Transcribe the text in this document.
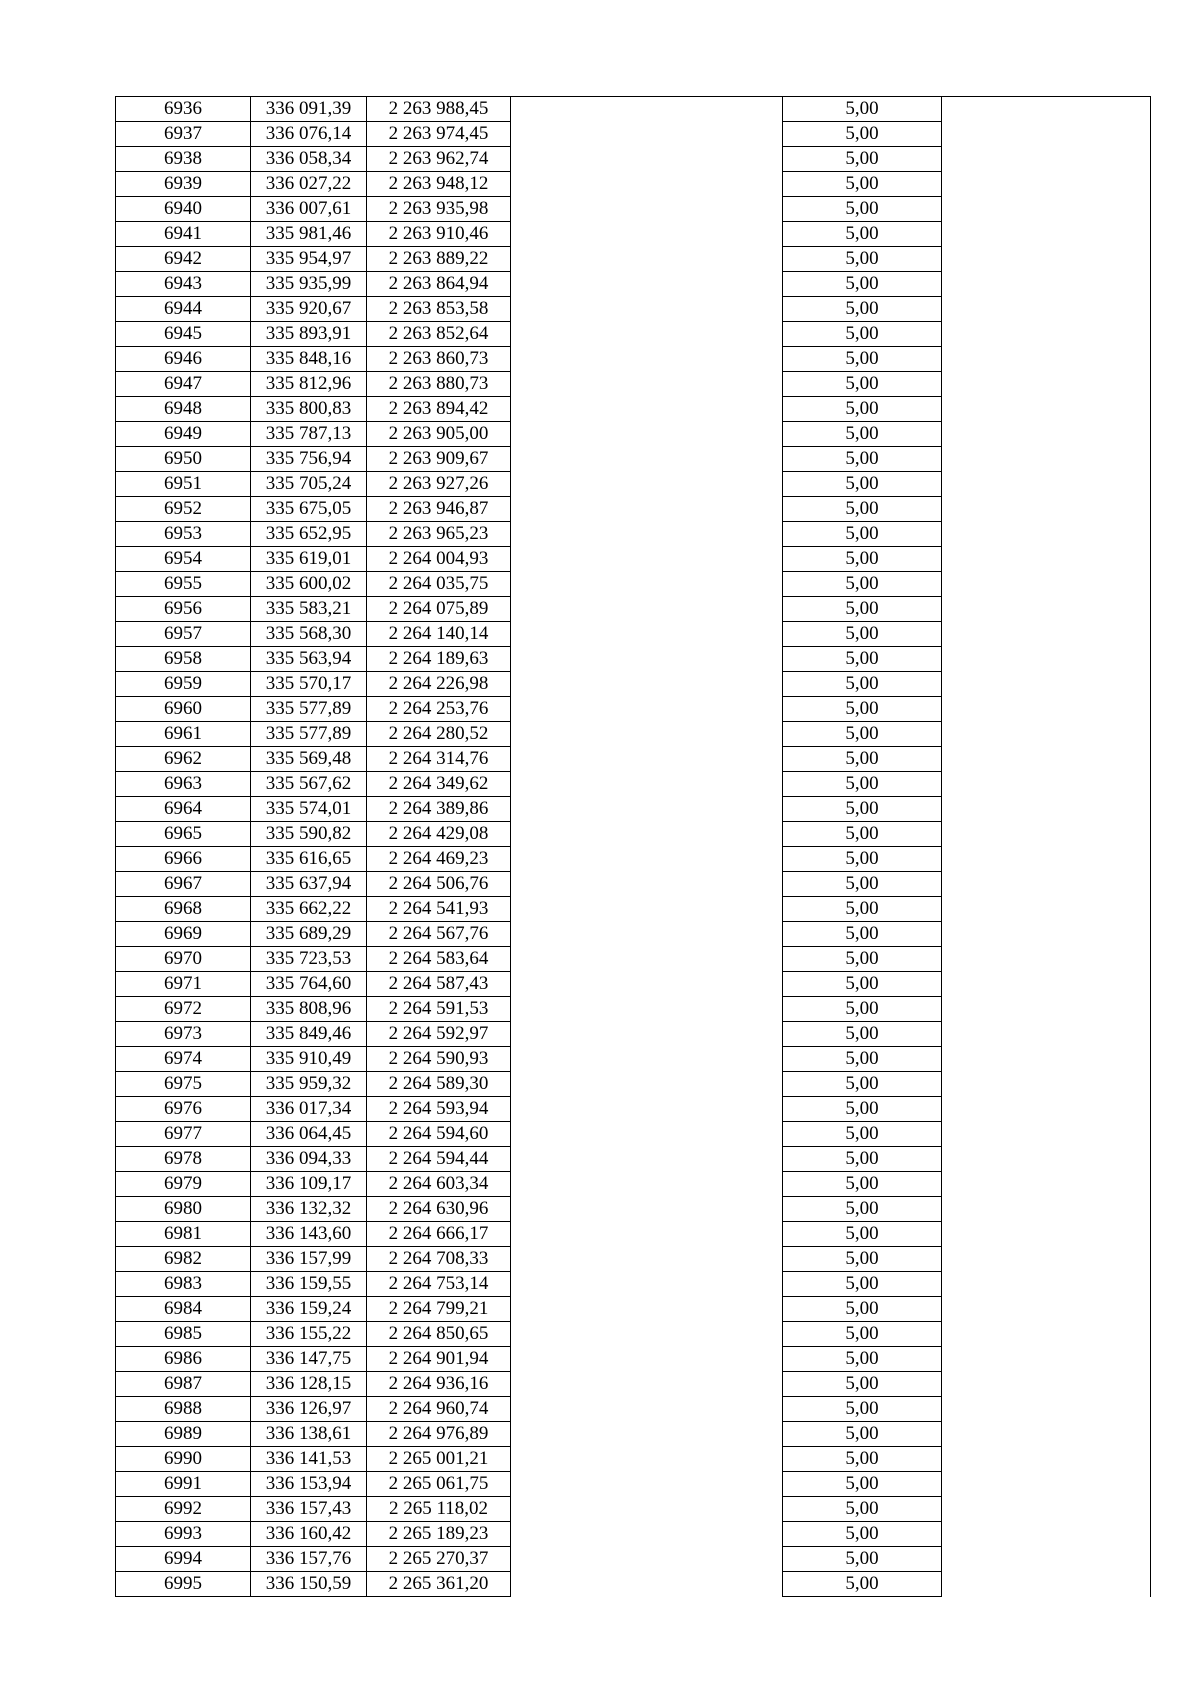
6936	336 091,39	2 263 988,45		5,00	
6937	336 076,14	2 263 974,45		5,00	
6938	336 058,34	2 263 962,74		5,00	
6939	336 027,22	2 263 948,12		5,00	
6940	336 007,61	2 263 935,98		5,00	
6941	335 981,46	2 263 910,46		5,00	
6942	335 954,97	2 263 889,22		5,00	
6943	335 935,99	2 263 864,94		5,00	
6944	335 920,67	2 263 853,58		5,00	
6945	335 893,91	2 263 852,64		5,00	
6946	335 848,16	2 263 860,73		5,00	
6947	335 812,96	2 263 880,73		5,00	
6948	335 800,83	2 263 894,42		5,00	
6949	335 787,13	2 263 905,00		5,00	
6950	335 756,94	2 263 909,67		5,00	
6951	335 705,24	2 263 927,26		5,00	
6952	335 675,05	2 263 946,87		5,00	
6953	335 652,95	2 263 965,23		5,00	
6954	335 619,01	2 264 004,93		5,00	
6955	335 600,02	2 264 035,75		5,00	
6956	335 583,21	2 264 075,89		5,00	
6957	335 568,30	2 264 140,14		5,00	
6958	335 563,94	2 264 189,63		5,00	
6959	335 570,17	2 264 226,98		5,00	
6960	335 577,89	2 264 253,76		5,00	
6961	335 577,89	2 264 280,52		5,00	
6962	335 569,48	2 264 314,76		5,00	
6963	335 567,62	2 264 349,62		5,00	
6964	335 574,01	2 264 389,86		5,00	
6965	335 590,82	2 264 429,08		5,00	
6966	335 616,65	2 264 469,23		5,00	
6967	335 637,94	2 264 506,76		5,00	
6968	335 662,22	2 264 541,93		5,00	
6969	335 689,29	2 264 567,76		5,00	
6970	335 723,53	2 264 583,64		5,00	
6971	335 764,60	2 264 587,43		5,00	
6972	335 808,96	2 264 591,53		5,00	
6973	335 849,46	2 264 592,97		5,00	
6974	335 910,49	2 264 590,93		5,00	
6975	335 959,32	2 264 589,30		5,00	
6976	336 017,34	2 264 593,94		5,00	
6977	336 064,45	2 264 594,60		5,00	
6978	336 094,33	2 264 594,44		5,00	
6979	336 109,17	2 264 603,34		5,00	
6980	336 132,32	2 264 630,96		5,00	
6981	336 143,60	2 264 666,17		5,00	
6982	336 157,99	2 264 708,33		5,00	
6983	336 159,55	2 264 753,14		5,00	
6984	336 159,24	2 264 799,21		5,00	
6985	336 155,22	2 264 850,65		5,00	
6986	336 147,75	2 264 901,94		5,00	
6987	336 128,15	2 264 936,16		5,00	
6988	336 126,97	2 264 960,74		5,00	
6989	336 138,61	2 264 976,89		5,00	
6990	336 141,53	2 265 001,21		5,00	
6991	336 153,94	2 265 061,75		5,00	
6992	336 157,43	2 265 118,02		5,00	
6993	336 160,42	2 265 189,23		5,00	
6994	336 157,76	2 265 270,37		5,00	
6995	336 150,59	2 265 361,20		5,00	
